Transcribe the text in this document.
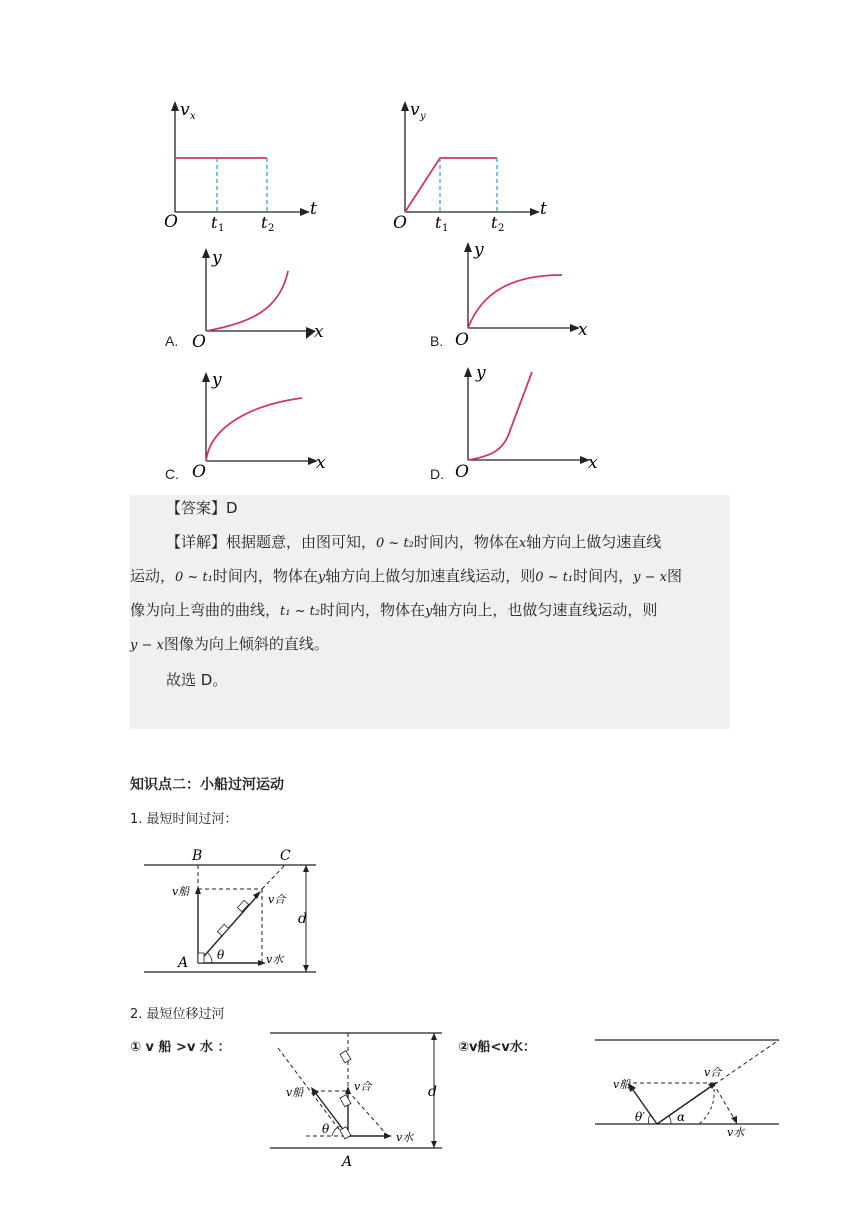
v x
t
O t 1 t 2
v y
t
O t 1	t 2
A.
y
x
O	B.
y
x
O
C.
y
x
O	D.
y
x
O
【答案】D
【详解】根据题意，由图可知，0 ~ t₂时间内，物体在x轴方向上做匀速直线
运动，0 ~ t₁时间内，物体在y轴方向上做匀加速直线运动，则0 ~ t₁时间内，y − x图
像为向上弯曲的曲线，t₁ ~ t₂时间内，物体在y轴方向上，也做匀速直线运动，则
y − x图像为向上倾斜的直线。
故选 D。
知识点二：小船过河运动
1. 最短时间过河：
B	C
A
d
v船
v合
v水
θ
2. 最短位移过河
① v 船 >v 水 ：	②v船<v水：
d
A
v船	v合
v水
θ
v船
v合
v水
θ′	α
